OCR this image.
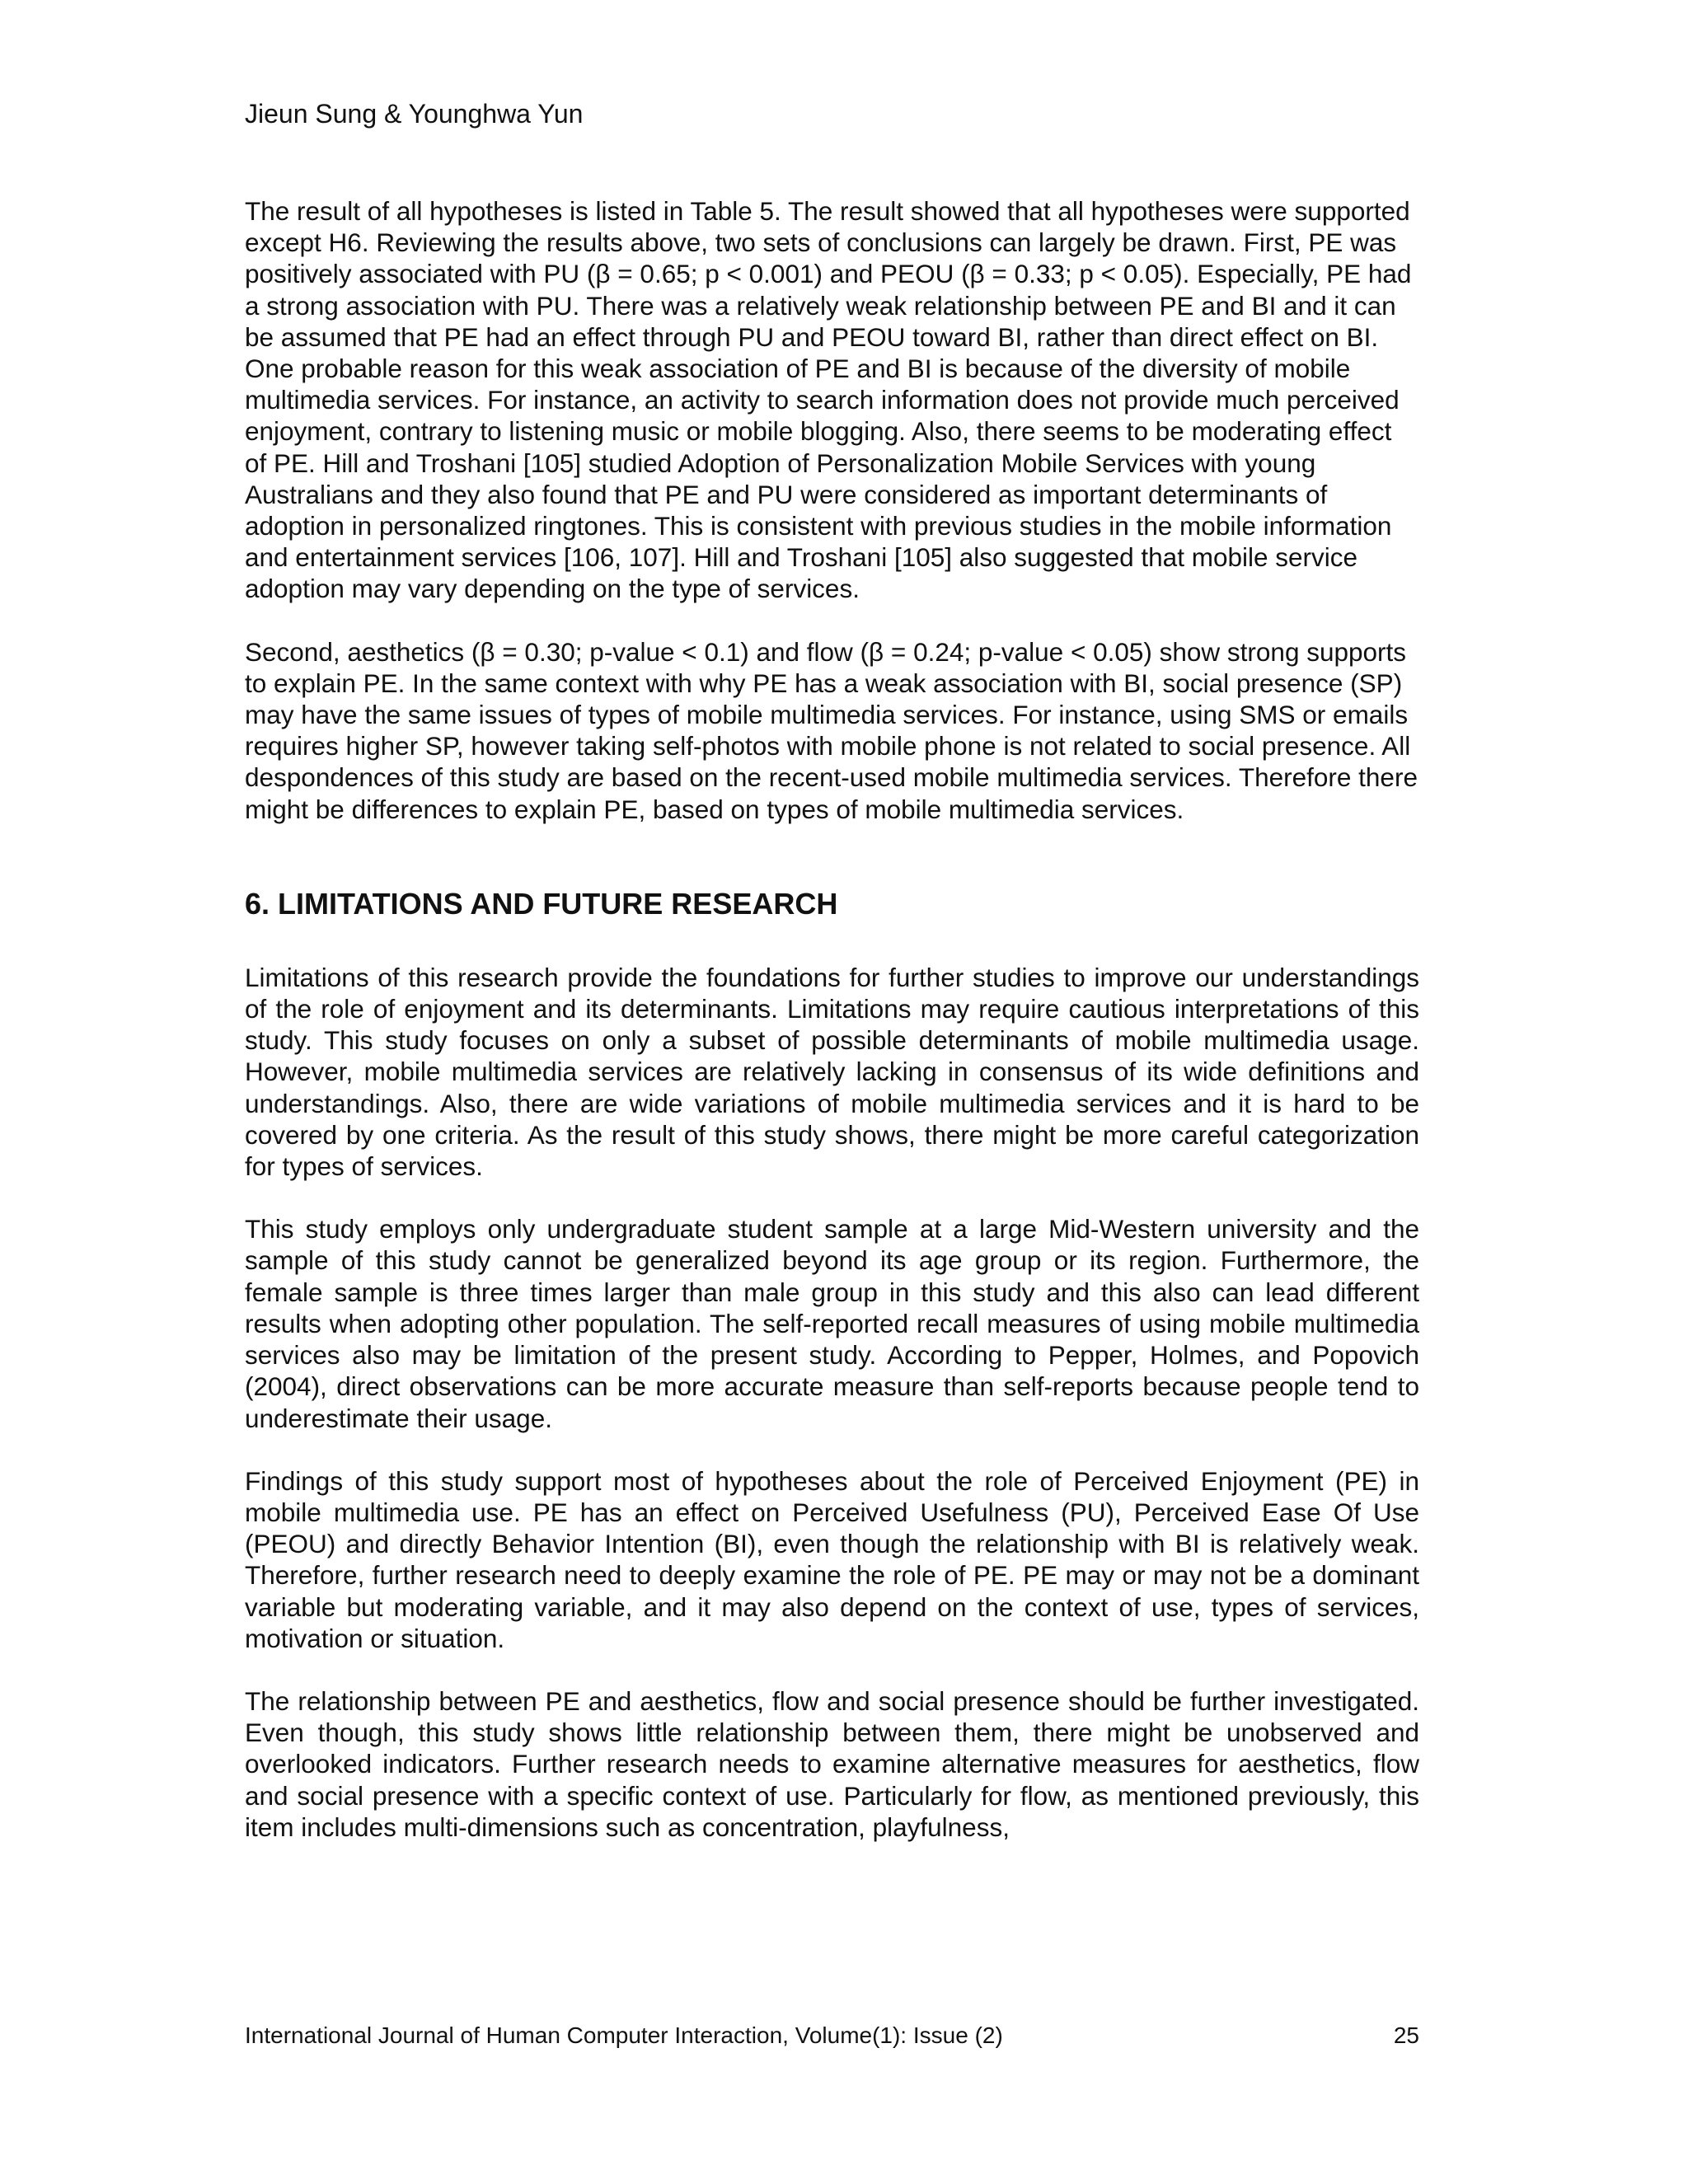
Jieun Sung & Younghwa Yun

The result of all hypotheses is listed in Table 5. The result showed that all hypotheses were supported except H6. Reviewing the results above, two sets of conclusions can largely be drawn. First, PE was positively associated with PU (β = 0.65; p < 0.001) and PEOU (β = 0.33; p < 0.05). Especially, PE had a strong association with PU. There was a relatively weak relationship between PE and BI and it can be assumed that PE had an effect through PU and PEOU toward BI, rather than direct effect on BI. One probable reason for this weak association of PE and BI is because of the diversity of mobile multimedia services. For instance, an activity to search information does not provide much perceived enjoyment, contrary to listening music or mobile blogging. Also, there seems to be moderating effect of PE. Hill and Troshani [105] studied Adoption of Personalization Mobile Services with young Australians and they also found that PE and PU were considered as important determinants of adoption in personalized ringtones. This is consistent with previous studies in the mobile information and entertainment services [106, 107]. Hill and Troshani [105] also suggested that mobile service adoption may vary depending on the type of services.

Second, aesthetics (β = 0.30; p-value < 0.1) and flow (β = 0.24; p-value < 0.05) show strong supports to explain PE. In the same context with why PE has a weak association with BI, social presence (SP) may have the same issues of types of mobile multimedia services. For instance, using SMS or emails requires higher SP, however taking self-photos with mobile phone is not related to social presence. All despondences of this study are based on the recent-used mobile multimedia services. Therefore there might be differences to explain PE, based on types of mobile multimedia services.

6. LIMITATIONS AND FUTURE RESEARCH

Limitations of this research provide the foundations for further studies to improve our understandings of the role of enjoyment and its determinants. Limitations may require cautious interpretations of this study. This study focuses on only a subset of possible determinants of mobile multimedia usage. However, mobile multimedia services are relatively lacking in consensus of its wide definitions and understandings. Also, there are wide variations of mobile multimedia services and it is hard to be covered by one criteria. As the result of this study shows, there might be more careful categorization for types of services.

This study employs only undergraduate student sample at a large Mid-Western university and the sample of this study cannot be generalized beyond its age group or its region. Furthermore, the female sample is three times larger than male group in this study and this also can lead different results when adopting other population. The self-reported recall measures of using mobile multimedia services also may be limitation of the present study. According to Pepper, Holmes, and Popovich (2004), direct observations can be more accurate measure than self-reports because people tend to underestimate their usage.

Findings of this study support most of hypotheses about the role of Perceived Enjoyment (PE) in mobile multimedia use. PE has an effect on Perceived Usefulness (PU), Perceived Ease Of Use (PEOU) and directly Behavior Intention (BI), even though the relationship with BI is relatively weak. Therefore, further research need to deeply examine the role of PE. PE may or may not be a dominant variable but moderating variable, and it may also depend on the context of use, types of services, motivation or situation.

The relationship between PE and aesthetics, flow and social presence should be further investigated. Even though, this study shows little relationship between them, there might be unobserved and overlooked indicators. Further research needs to examine alternative measures for aesthetics, flow and social presence with a specific context of use. Particularly for flow, as mentioned previously, this item includes multi-dimensions such as concentration, playfulness,

International Journal of Human Computer Interaction, Volume(1): Issue (2)	25
